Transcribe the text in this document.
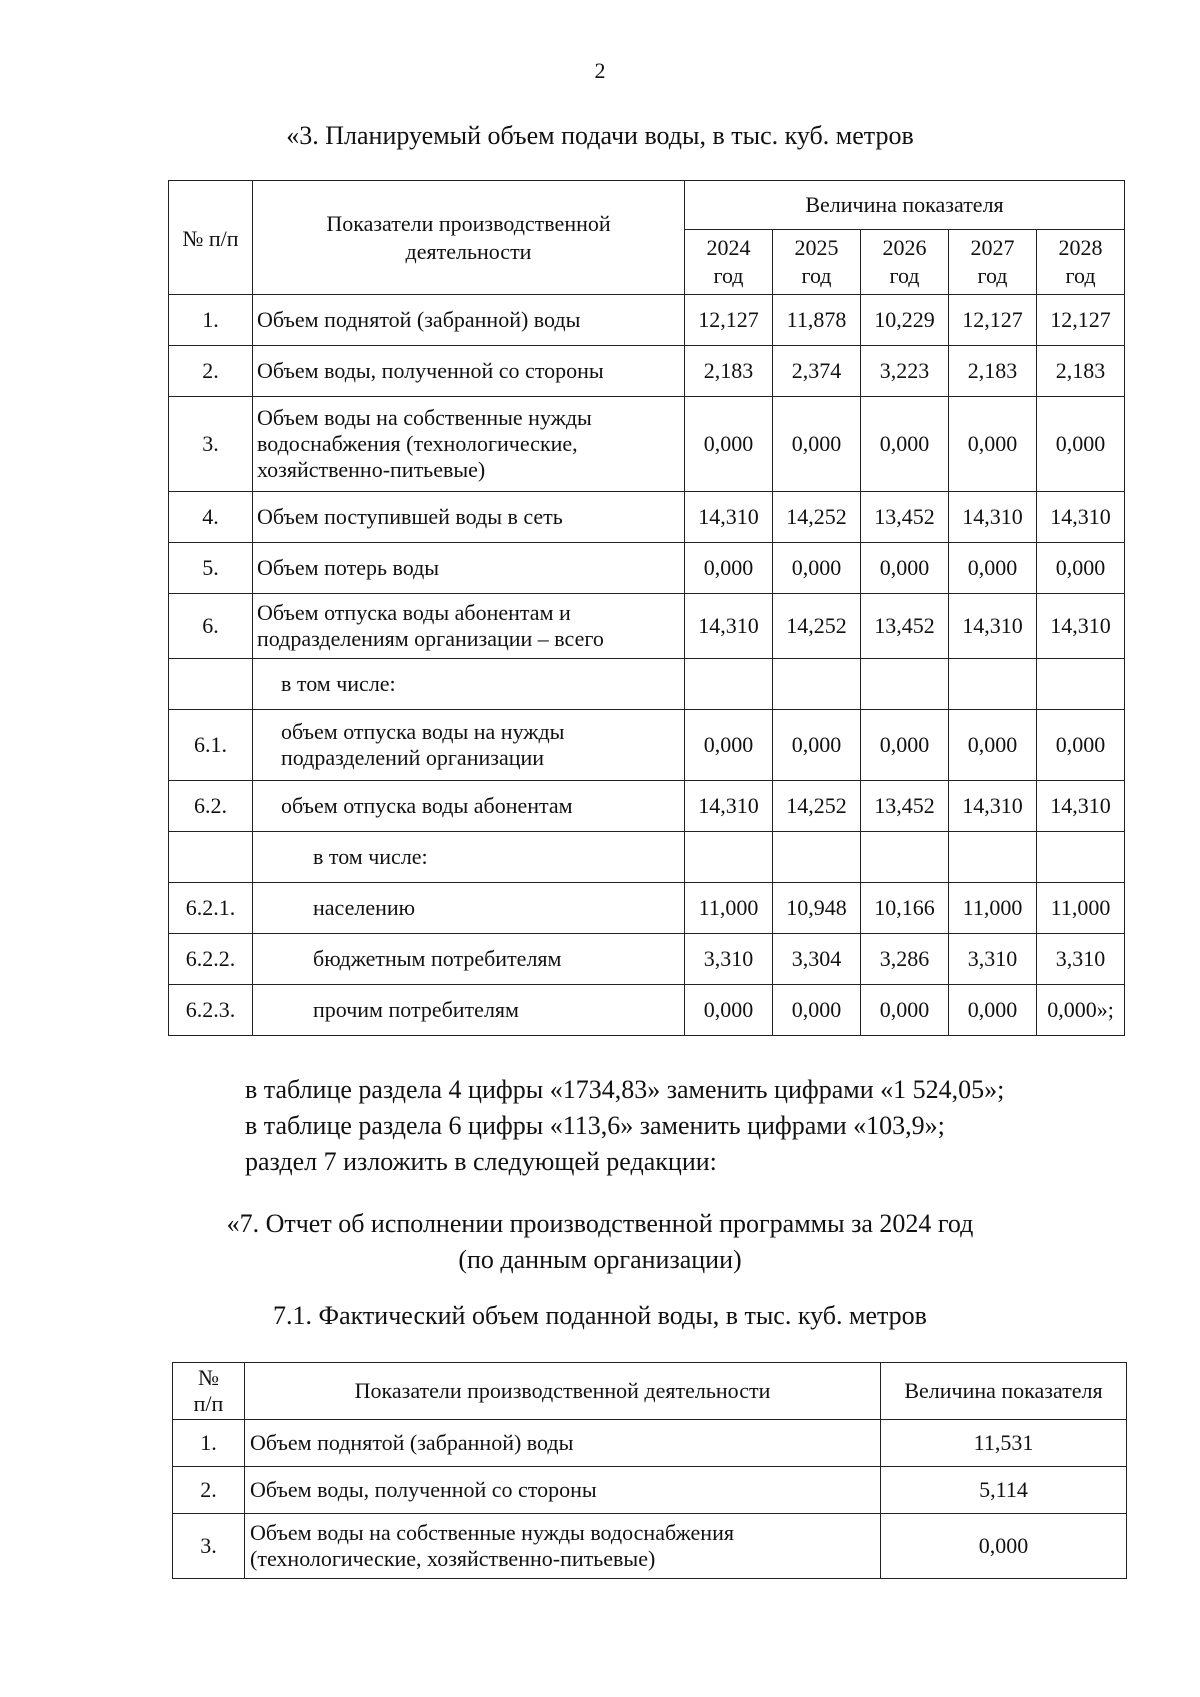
2
«3. Планируемый объем подачи воды, в тыс. куб. метров
№ п/п	Показатели производственной деятельности	Величина показателя				
		2024 год	2025 год	2026 год	2027 год	2028 год
1.	Объем поднятой (забранной) воды	12,127	11,878	10,229	12,127	12,127
2.	Объем воды, полученной со стороны	2,183	2,374	3,223	2,183	2,183
3.	Объем воды на собственные нужды водоснабжения (технологические, хозяйственно-питьевые)	0,000	0,000	0,000	0,000	0,000
4.	Объем поступившей воды в сеть	14,310	14,252	13,452	14,310	14,310
5.	Объем потерь воды	0,000	0,000	0,000	0,000	0,000
6.	Объем отпуска воды абонентам и подразделениям организации – всего	14,310	14,252	13,452	14,310	14,310
	в том числе:					
6.1.	объем отпуска воды на нужды подразделений организации	0,000	0,000	0,000	0,000	0,000
6.2.	объем отпуска воды абонентам	14,310	14,252	13,452	14,310	14,310
	в том числе:					
6.2.1.	населению	11,000	10,948	10,166	11,000	11,000
6.2.2.	бюджетным потребителям	3,310	3,304	3,286	3,310	3,310
6.2.3.	прочим потребителям	0,000	0,000	0,000	0,000	0,000»;
в таблице раздела 4 цифры «1734,83» заменить цифрами «1 524,05»;
в таблице раздела 6 цифры «113,6» заменить цифрами «103,9»;
раздел 7 изложить в следующей редакции:
«7. Отчет об исполнении производственной программы за 2024 год
(по данным организации)
7.1. Фактический объем поданной воды, в тыс. куб. метров
№ п/п	Показатели производственной деятельности	Величина показателя
1.	Объем поднятой (забранной) воды	11,531
2.	Объем воды, полученной со стороны	5,114
3.	Объем воды на собственные нужды водоснабжения (технологические, хозяйственно-питьевые)	0,000
